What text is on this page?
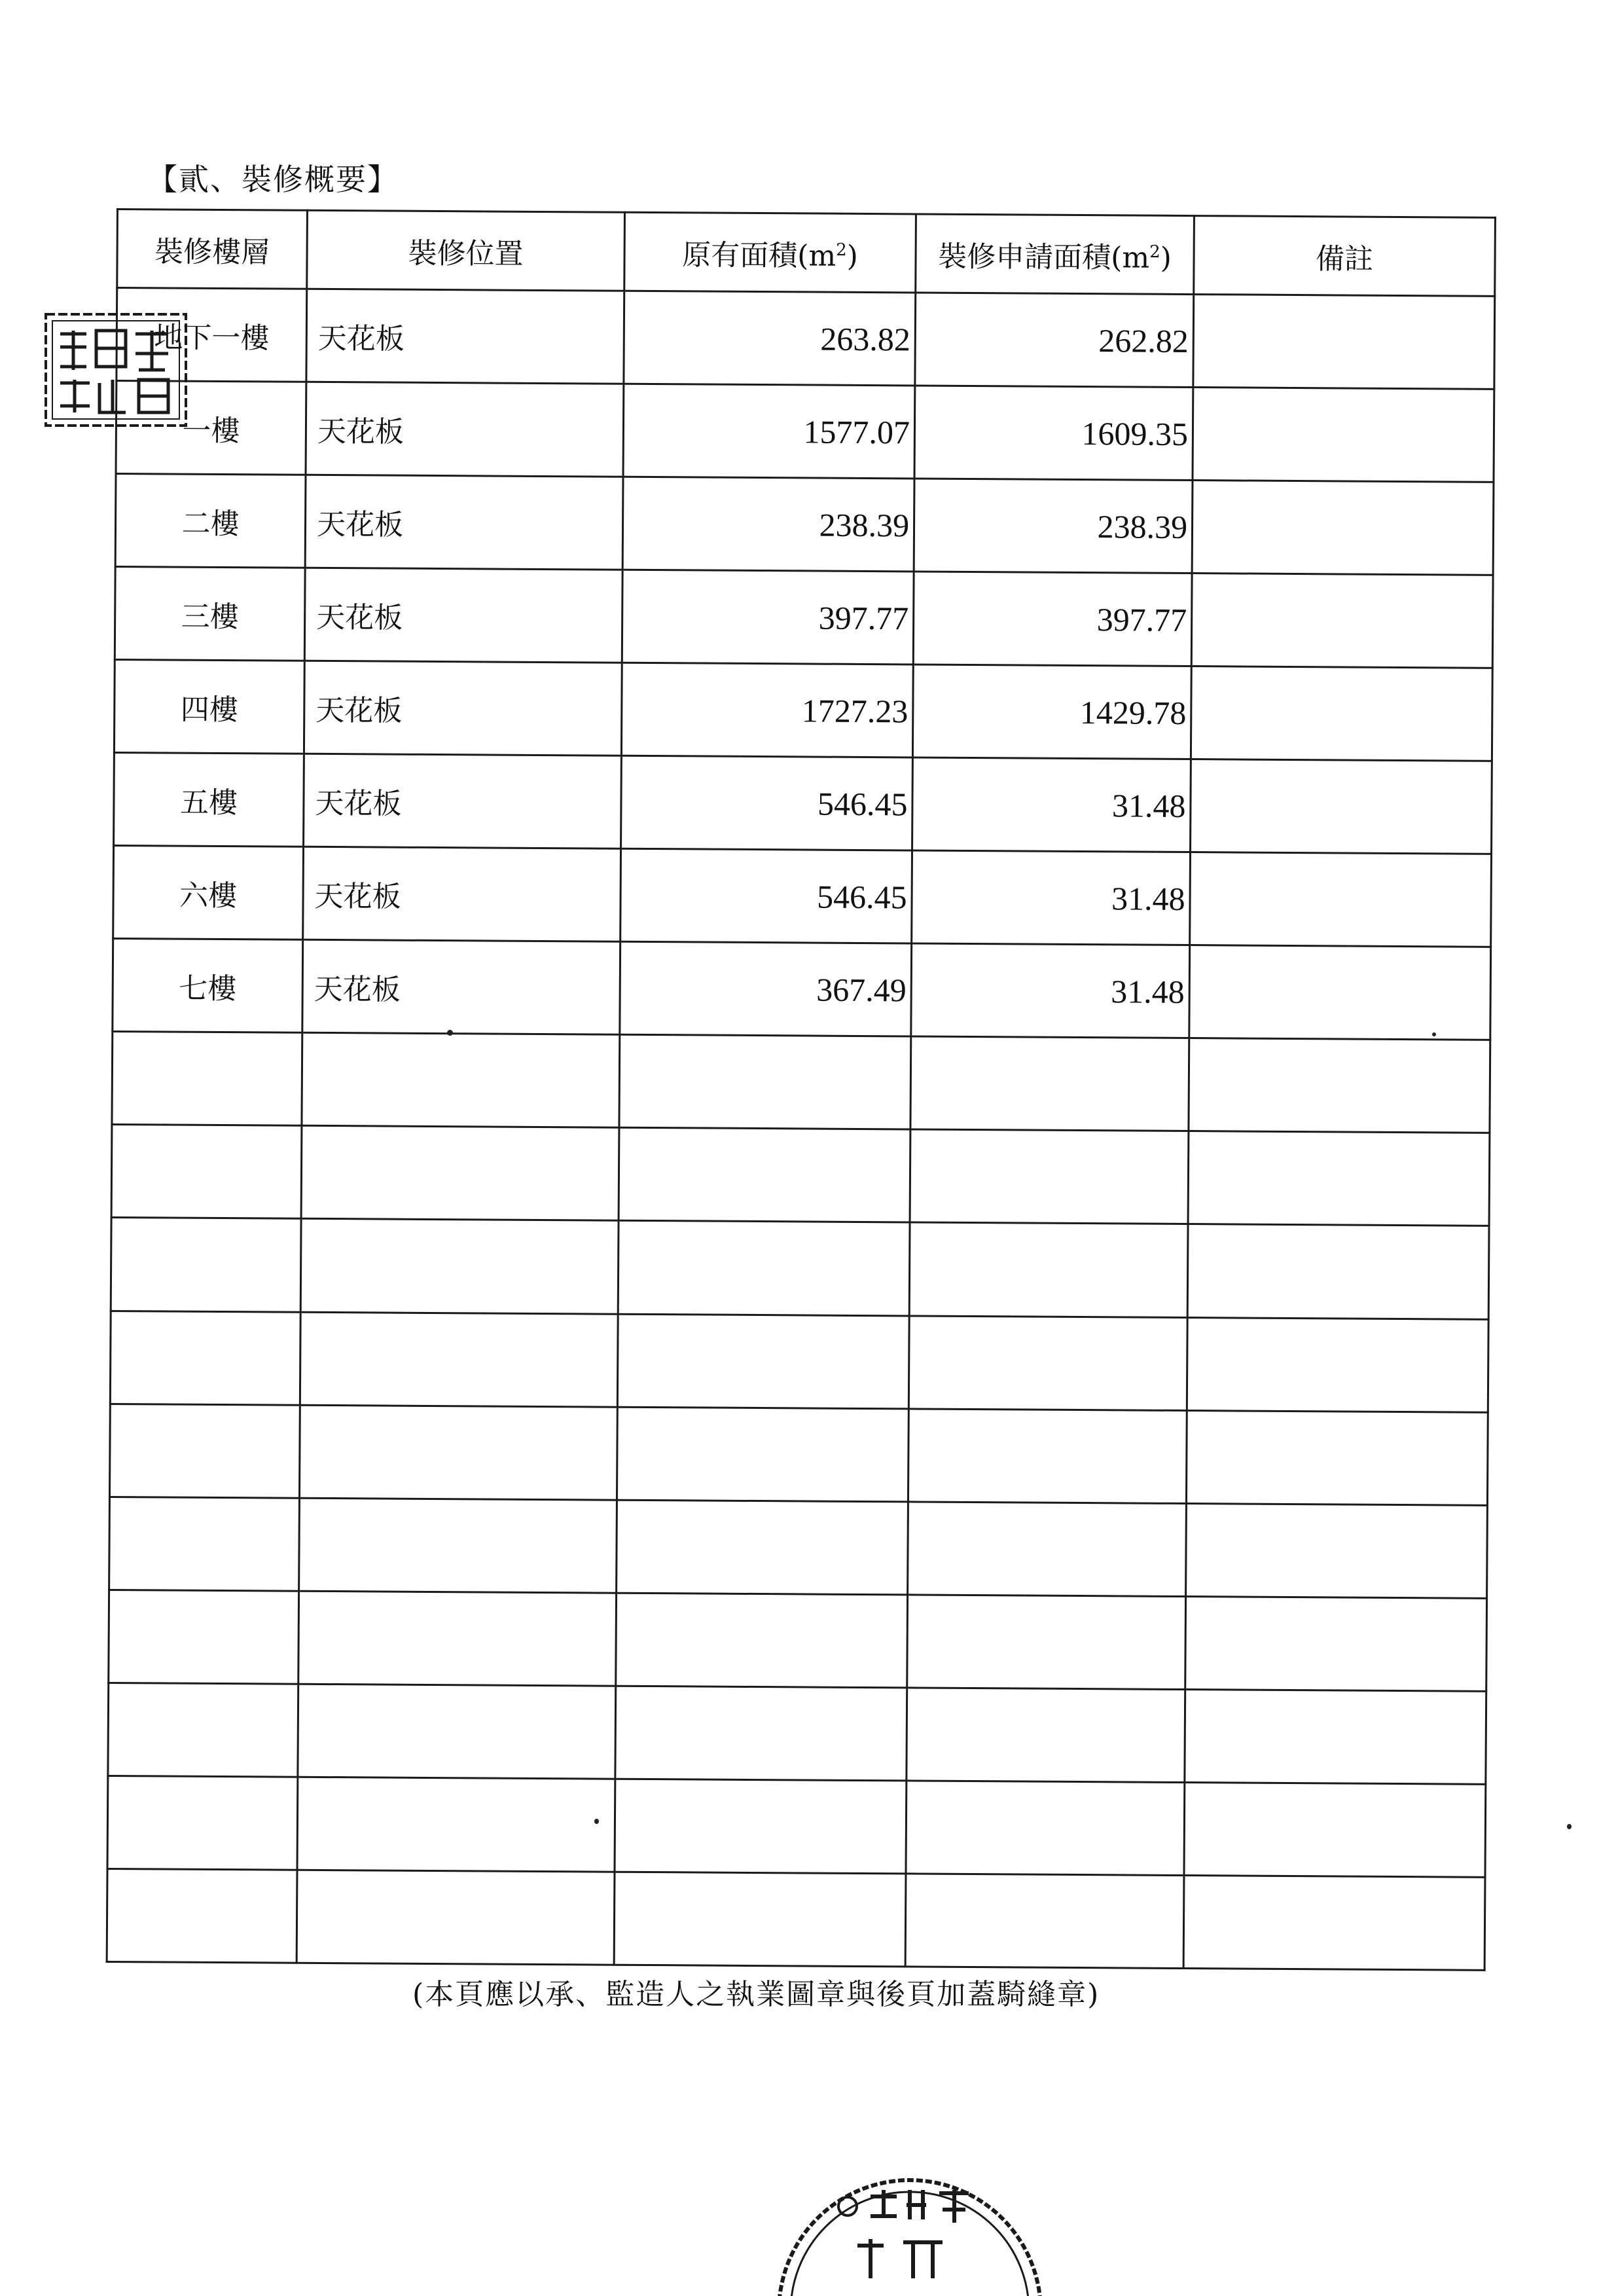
【貳、裝修概要】
裝修樓層	裝修位置	原有面積$(m^2)$	裝修申請面積$(m^2)$	備註
地下一樓	天花板	263.82	262.82	
一樓	天花板	1577.07	1609.35	
二樓	天花板	238.39	238.39	
三樓	天花板	397.77	397.77	
四樓	天花板	1727.23	1429.78	
五樓	天花板	546.45	31.48	
六樓	天花板	546.45	31.48	
七樓	天花板	367.49	31.48	

(本頁應以承、監造人之執業圖章與後頁加蓋騎縫章)
